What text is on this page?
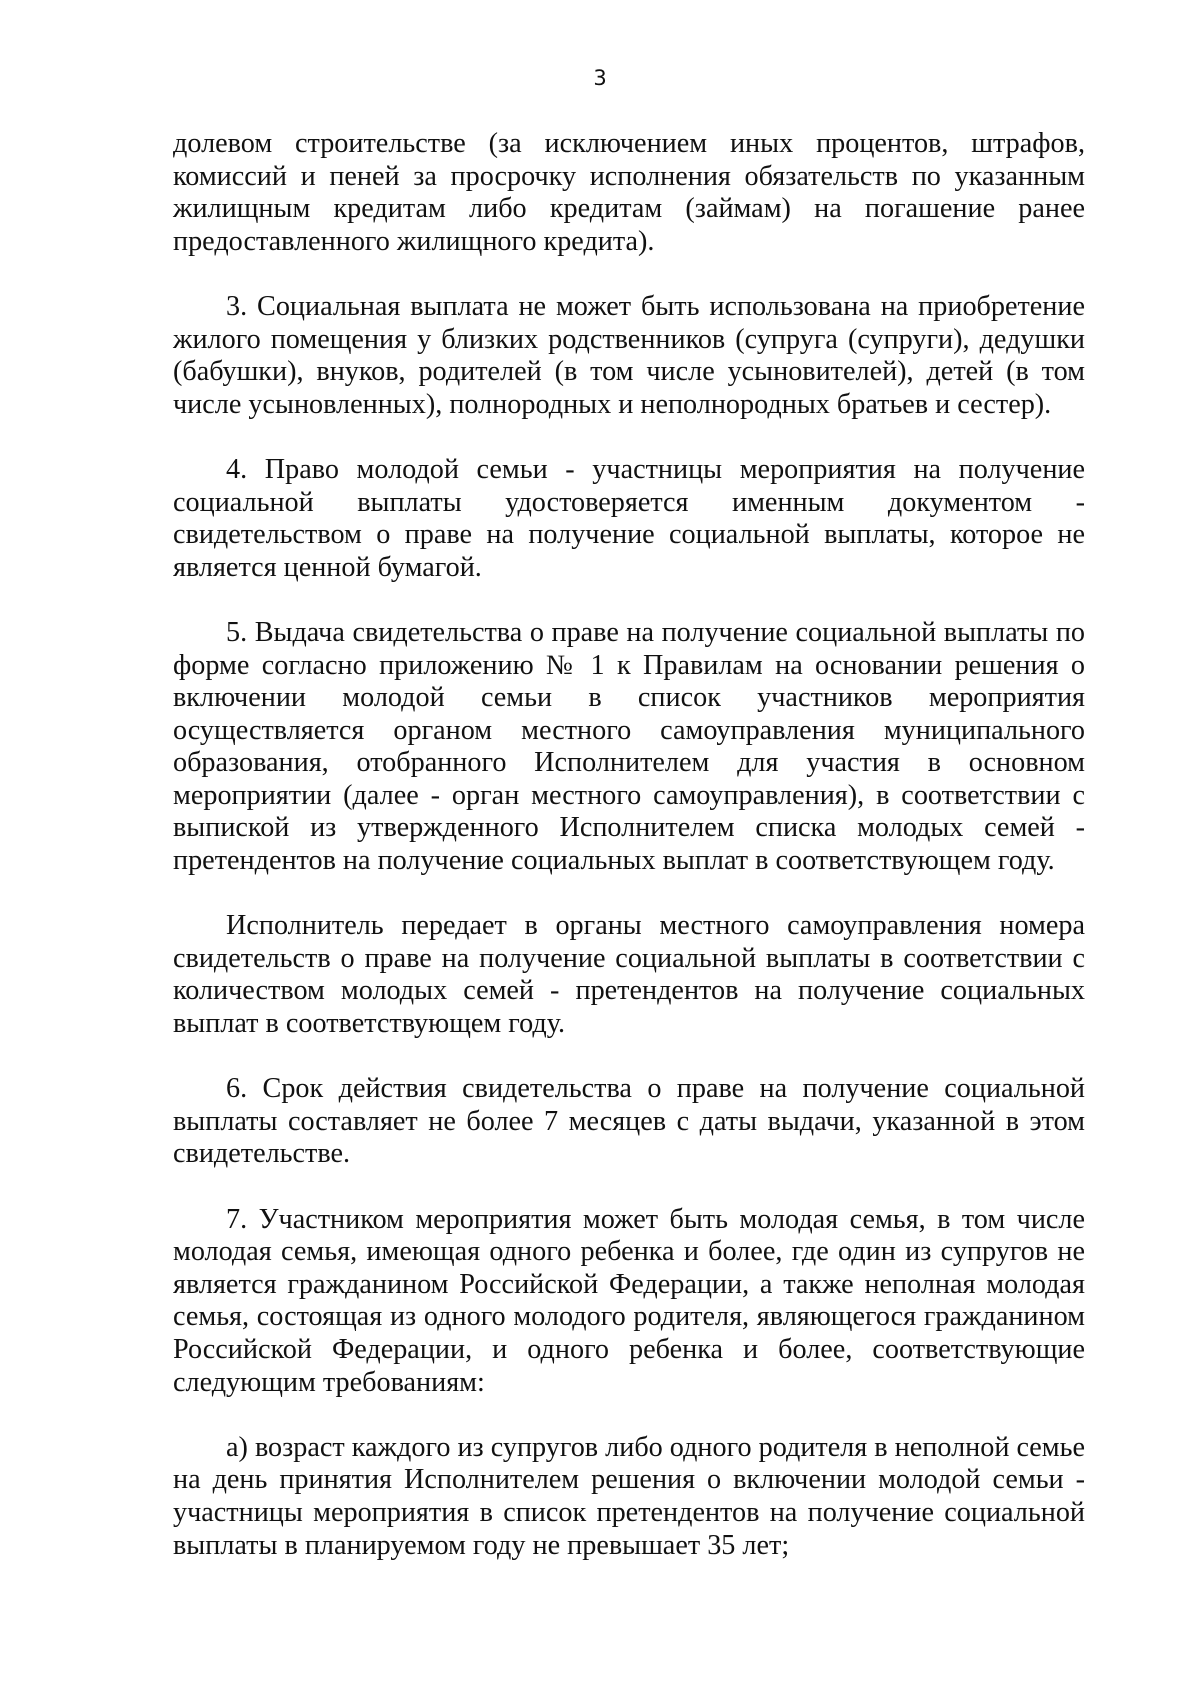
3

долевом строительстве (за исключением иных процентов, штрафов, комиссий и пеней за просрочку исполнения обязательств по указанным жилищным кредитам либо кредитам (займам) на погашение ранее предоставленного жилищного кредита).

3. Социальная выплата не может быть использована на приобретение жилого помещения у близких родственников (супруга (супруги), дедушки (бабушки), внуков, родителей (в том числе усыновителей), детей (в том числе усыновленных), полнородных и неполнородных братьев и сестер).

4. Право молодой семьи - участницы мероприятия на получение социальной выплаты удостоверяется именным документом - свидетельством о праве на получение социальной выплаты, которое не является ценной бумагой.

5. Выдача свидетельства о праве на получение социальной выплаты по форме согласно приложению № 1 к Правилам на основании решения о включении молодой семьи в список участников мероприятия осуществляется органом местного самоуправления муниципального образования, отобранного Исполнителем для участия в основном мероприятии (далее - орган местного самоуправления), в соответствии с выпиской из утвержденного Исполнителем списка молодых семей - претендентов на получение социальных выплат в соответствующем году.

Исполнитель передает в органы местного самоуправления номера свидетельств о праве на получение социальной выплаты в соответствии с количеством молодых семей - претендентов на получение социальных выплат в соответствующем году.

6. Срок действия свидетельства о праве на получение социальной выплаты составляет не более 7 месяцев с даты выдачи, указанной в этом свидетельстве.

7. Участником мероприятия может быть молодая семья, в том числе молодая семья, имеющая одного ребенка и более, где один из супругов не является гражданином Российской Федерации, а также неполная молодая семья, состоящая из одного молодого родителя, являющегося гражданином Российской Федерации, и одного ребенка и более, соответствующие следующим требованиям:

а) возраст каждого из супругов либо одного родителя в неполной семье на день принятия Исполнителем решения о включении молодой семьи - участницы мероприятия в список претендентов на получение социальной выплаты в планируемом году не превышает 35 лет;
